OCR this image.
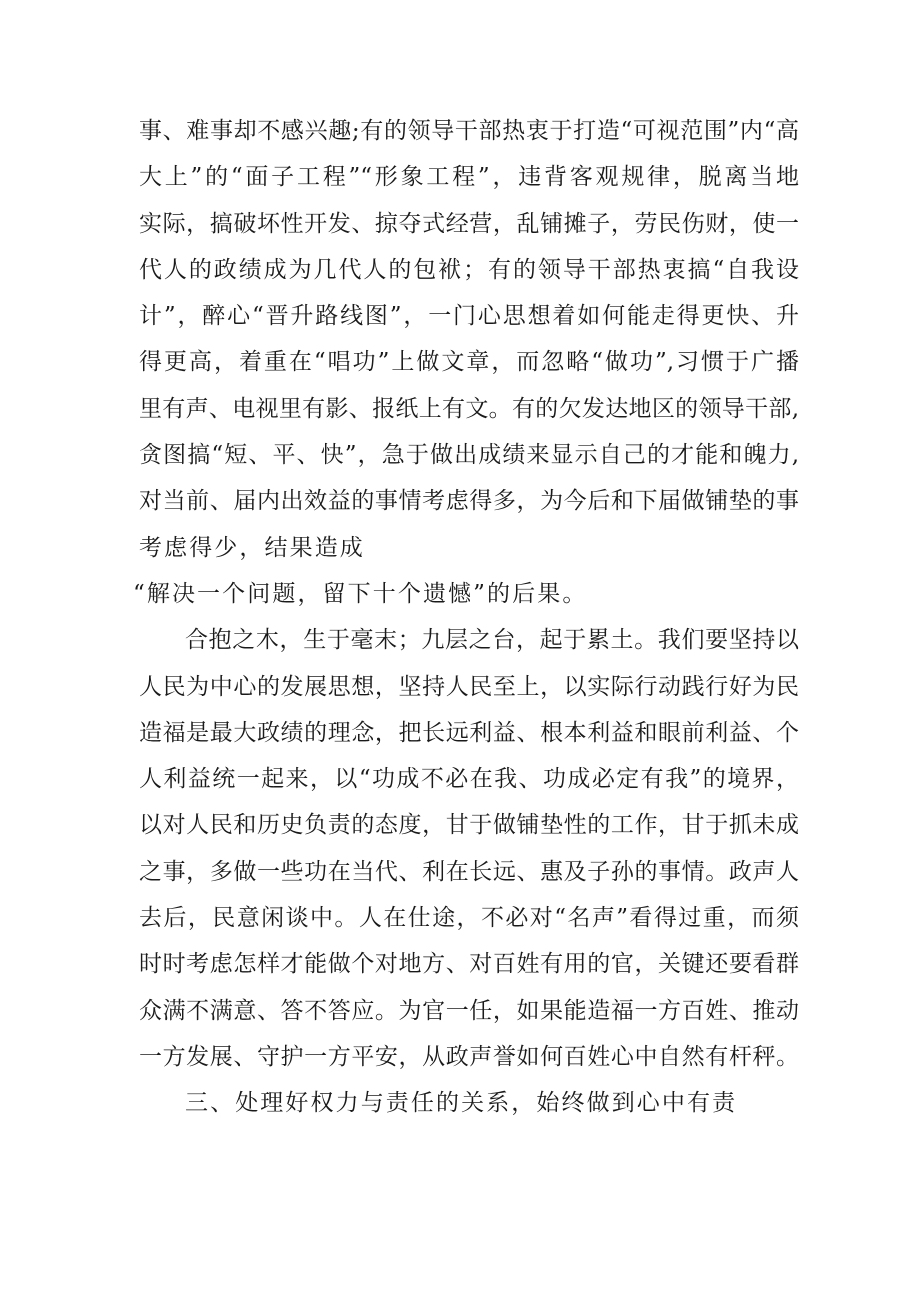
事、难事却不感兴趣;有的领导干部热衷于打造“可视范围”内“高
大上”的“面子工程”“形象工程”，违背客观规律，脱离当地
实际，搞破坏性开发、掠夺式经营，乱铺摊子，劳民伤财，使一
代人的政绩成为几代人的包袱；有的领导干部热衷搞“自我设
计”，醉心“晋升路线图”，一门心思想着如何能走得更快、升
得更高，着重在“唱功”上做文章，而忽略“做功”,习惯于广播
里有声、电视里有影、报纸上有文。有的欠发达地区的领导干部,
贪图搞“短、平、快”，急于做出成绩来显示自己的才能和魄力,
对当前、届内出效益的事情考虑得多，为今后和下届做铺垫的事
考虑得少，结果造成
“解决一个问题，留下十个遗憾”的后果。
合抱之木，生于毫末；九层之台，起于累土。我们要坚持以
人民为中心的发展思想，坚持人民至上，以实际行动践行好为民
造福是最大政绩的理念，把长远利益、根本利益和眼前利益、个
人利益统一起来，以“功成不必在我、功成必定有我”的境界，
以对人民和历史负责的态度，甘于做铺垫性的工作，甘于抓未成
之事，多做一些功在当代、利在长远、惠及子孙的事情。政声人
去后，民意闲谈中。人在仕途，不必对“名声”看得过重，而须
时时考虑怎样才能做个对地方、对百姓有用的官，关键还要看群
众满不满意、答不答应。为官一任，如果能造福一方百姓、推动
一方发展、守护一方平安，从政声誉如何百姓心中自然有杆秤。
三、处理好权力与责任的关系，始终做到心中有责
